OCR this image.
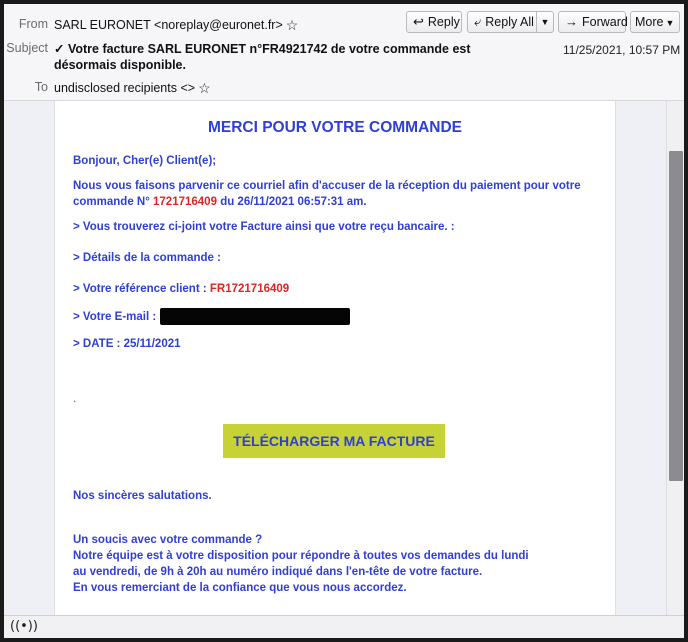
From SARL EURONET <noreplay@euronet.fr> ☆	↩ Reply	⤶ Reply All ▼	→ Forward More ▼
Subject ✓ Votre facture SARL EURONET n°FR4921742 de votre commande est désormais disponible.
11/25/2021, 10:57 PM
To undisclosed recipients <> ☆
MERCI POUR VOTRE COMMANDE
Bonjour, Cher(e) Client(e);
Nous vous faisons parvenir ce courriel afin d'accuser de la réception du paiement pour votre commande N° 1721716409 du 26/11/2021 06:57:31 am.
> Vous trouverez ci-joint votre Facture ainsi que votre reçu bancaire. :
> Détails de la commande :
> Votre référence client : FR1721716409
> Votre E-mail :
> DATE : 25/11/2021
.
TÉLÉCHARGER MA FACTURE
Nos sincères salutations.
Un soucis avec votre commande ?
Notre équipe est à votre disposition pour répondre à toutes vos demandes du lundi au vendredi, de 9h à 20h au numéro indiqué dans l'en-tête de votre facture.
En vous remerciant de la confiance que vous nous accordez.
((•))
